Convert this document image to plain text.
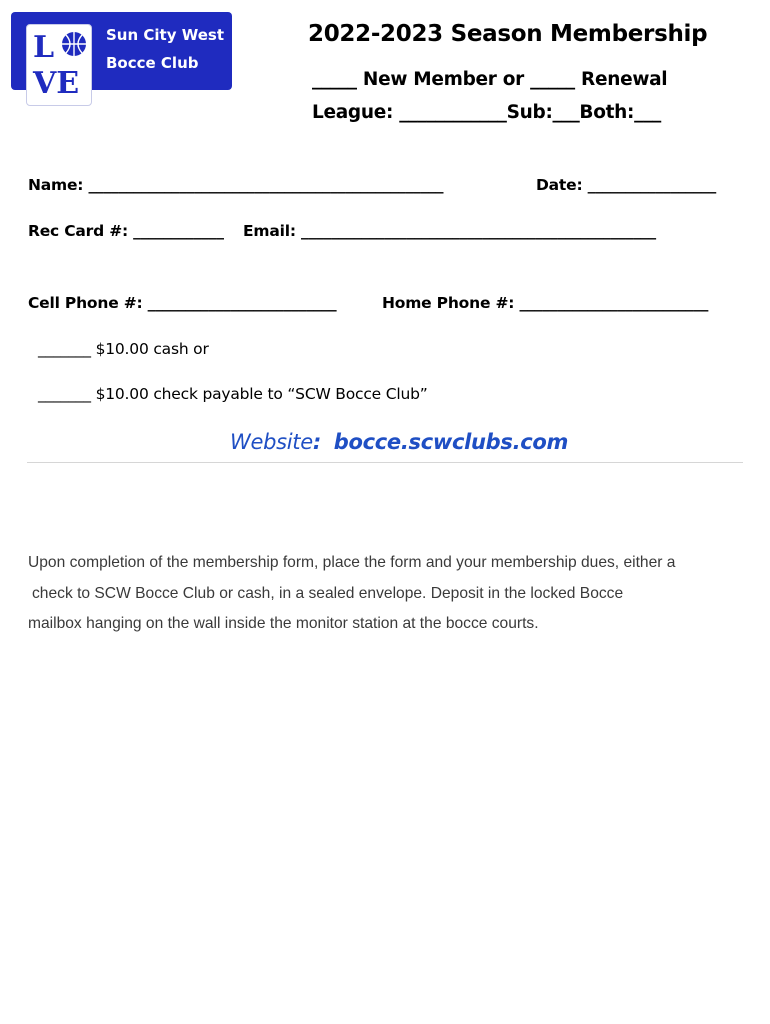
L
VE
Sun City West
Bocce Club
2022-2023 Season Membership
_____ New Member or _____ Renewal
League: ____________Sub:___Both:___
Name: _______________________________________________	Date: _________________
Rec Card #: ____________ Email: _______________________________________________
Cell Phone #: _________________________	Home Phone #: _________________________
_______ $10.00 cash or
_______ $10.00 check payable to “SCW Bocce Club”
Website: bocce.scwclubs.com
Upon completion of the membership form, place the form and your membership dues, either a
check to SCW Bocce Club or cash, in a sealed envelope. Deposit in the locked Bocce
mailbox hanging on the wall inside the monitor station at the bocce courts.
